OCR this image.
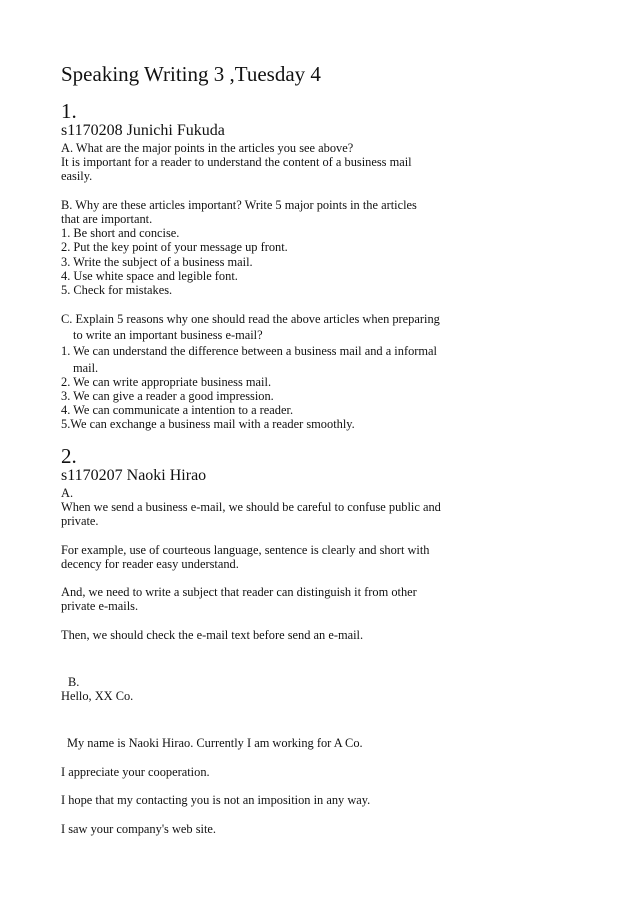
Speaking Writing 3 ,Tuesday 4
1.
s1170208 Junichi Fukuda
A. What are the major points in the articles you see above?
It is important for a reader to understand the content of a business mail
easily.
B. Why are these articles important? Write 5 major points in the articles
that are important.
1. Be short and concise.
2. Put the key point of your message up front.
3. Write the subject of a business mail.
4. Use white space and legible font.
5. Check for mistakes.
C. Explain 5 reasons why one should read the above articles when preparing
to write an important business e-mail?
1. We can understand the difference between a business mail and a informal
mail.
2. We can write appropriate business mail.
3. We can give a reader a good impression.
4. We can communicate a intention to a reader.
5.We can exchange a business mail with a reader smoothly.
2.
s1170207 Naoki Hirao
A.
When we send a business e-mail, we should be careful to confuse public and
private.
For example, use of courteous language, sentence is clearly and short with
decency for reader easy understand.
And, we need to write a subject that reader can distinguish it from other
private e-mails.
Then, we should check the e-mail text before send an e-mail.
B.
Hello, XX Co.
My name is Naoki Hirao. Currently I am working for A Co.
I appreciate your cooperation.
I hope that my contacting you is not an imposition in any way.
I saw your company's web site.
